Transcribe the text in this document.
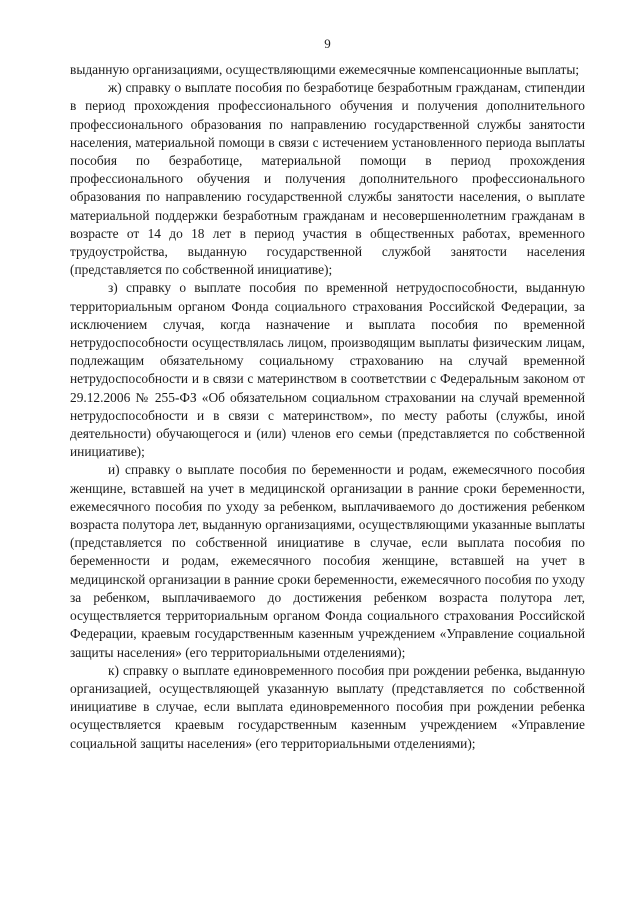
9

выданную организациями, осуществляющими ежемесячные компенсационные выплаты;

ж) справку о выплате пособия по безработице безработным гражданам, стипендии в период прохождения профессионального обучения и получения дополнительного профессионального образования по направлению государственной службы занятости населения, материальной помощи в связи с истечением установленного периода выплаты пособия по безработице, материальной помощи в период прохождения профессионального обучения и получения дополнительного профессионального образования по направлению государственной службы занятости населения, о выплате материальной поддержки безработным гражданам и несовершеннолетним гражданам в возрасте от 14 до 18 лет в период участия в общественных работах, временного трудоустройства, выданную государственной службой занятости населения (представляется по собственной инициативе);

з) справку о выплате пособия по временной нетрудоспособности, выданную территориальным органом Фонда социального страхования Российской Федерации, за исключением случая, когда назначение и выплата пособия по временной нетрудоспособности осуществлялась лицом, производящим выплаты физическим лицам, подлежащим обязательному социальному страхованию на случай временной нетрудоспособности и в связи с материнством в соответствии с Федеральным законом от 29.12.2006 № 255-ФЗ «Об обязательном социальном страховании на случай временной нетрудоспособности и в связи с материнством», по месту работы (службы, иной деятельности) обучающегося и (или) членов его семьи (представляется по собственной инициативе);

и) справку о выплате пособия по беременности и родам, ежемесячного пособия женщине, вставшей на учет в медицинской организации в ранние сроки беременности, ежемесячного пособия по уходу за ребенком, выплачиваемого до достижения ребенком возраста полутора лет, выданную организациями, осуществляющими указанные выплаты (представляется по собственной инициативе в случае, если выплата пособия по беременности и родам, ежемесячного пособия женщине, вставшей на учет в медицинской организации в ранние сроки беременности, ежемесячного пособия по уходу за ребенком, выплачиваемого до достижения ребенком возраста полутора лет, осуществляется территориальным органом Фонда социального страхования Российской Федерации, краевым государственным казенным учреждением «Управление социальной защиты населения» (его территориальными отделениями);

к) справку о выплате единовременного пособия при рождении ребенка, выданную организацией, осуществляющей указанную выплату (представляется по собственной инициативе в случае, если выплата единовременного пособия при рождении ребенка осуществляется краевым государственным казенным учреждением «Управление социальной защиты населения» (его территориальными отделениями);
